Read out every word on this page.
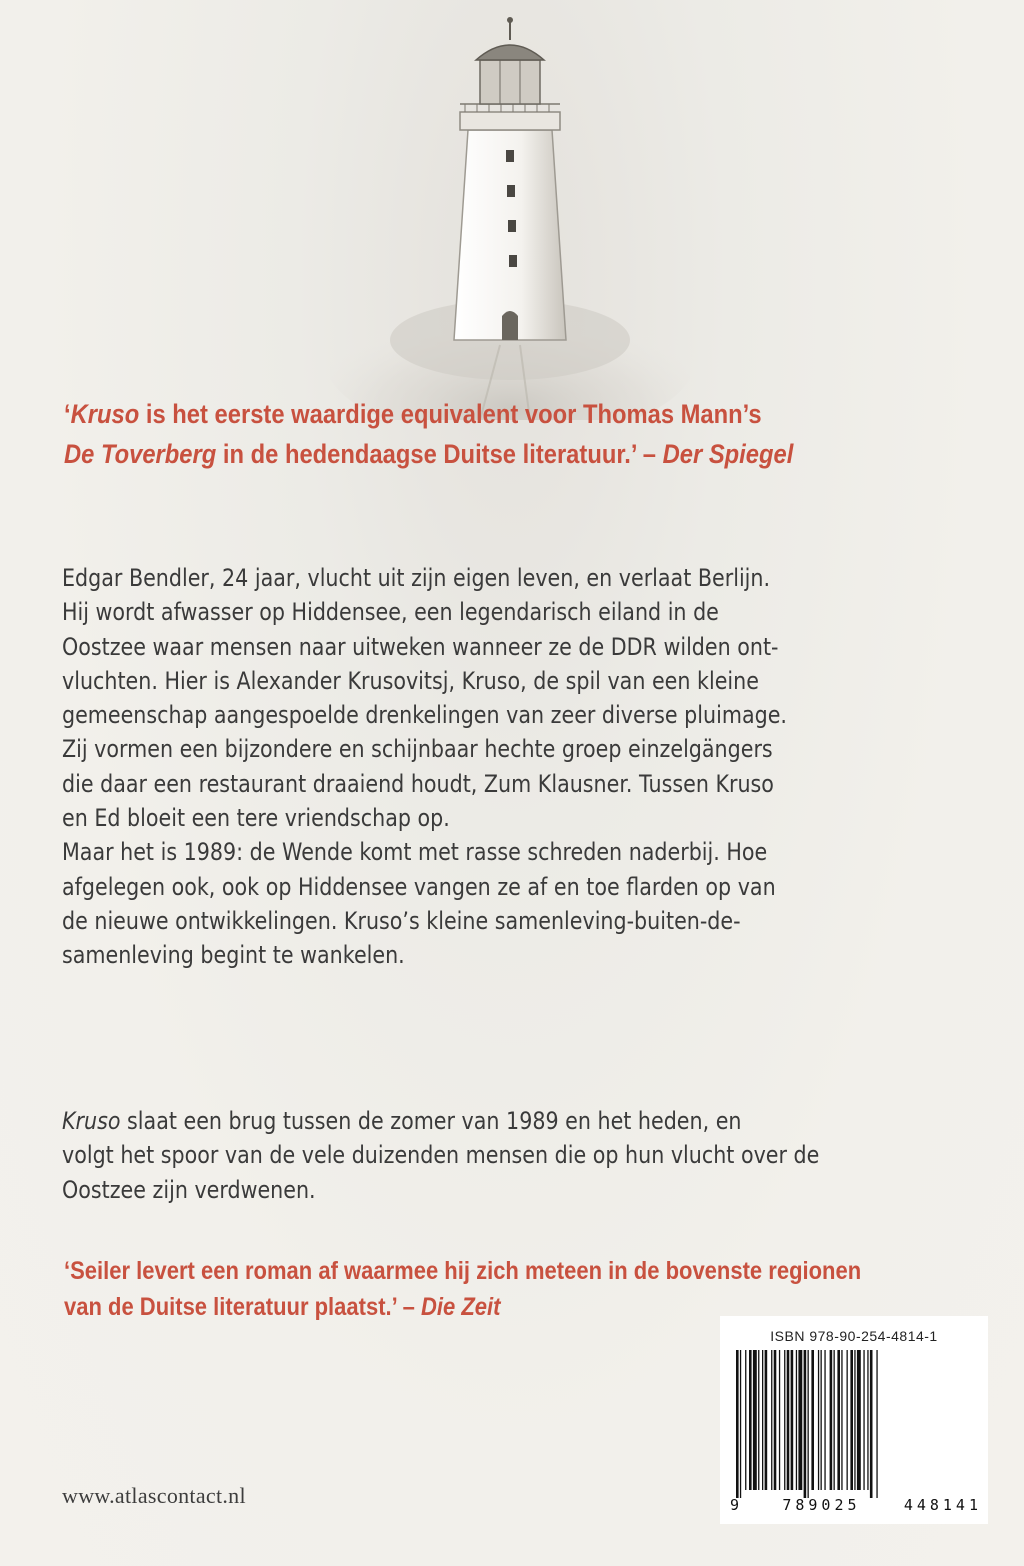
‘Kruso is het eerste waardige equivalent voor Thomas Mann’s
De Toverberg in de hedendaagse Duitse literatuur.’ – Der Spiegel

Edgar Bendler, 24 jaar, vlucht uit zijn eigen leven, en verlaat Berlijn.

Hij wordt afwasser op Hiddensee, een legendarisch eiland in de

Oostzee waar mensen naar uitweken wanneer ze de DDR wilden ont-

vluchten. Hier is Alexander Krusovitsj, Kruso, de spil van een kleine

gemeenschap aangespoelde drenkelingen van zeer diverse pluimage.

Zij vormen een bijzondere en schijnbaar hechte groep einzelgängers

die daar een restaurant draaiend houdt, Zum Klausner. Tussen Kruso

en Ed bloeit een tere vriendschap op.

Maar het is 1989: de Wende komt met rasse schreden naderbij. Hoe

afgelegen ook, ook op Hiddensee vangen ze af en toe flarden op van

de nieuwe ontwikkelingen. Kruso’s kleine samenleving-buiten-de-

samenleving begint te wankelen.

Kruso slaat een brug tussen de zomer van 1989 en het heden, en

volgt het spoor van de vele duizenden mensen die op hun vlucht over de

Oostzee zijn verdwenen.

‘Seiler levert een roman af waarmee hij zich meteen in de bovenste regionen
van de Duitse literatuur plaatst.’ – Die Zeit
www.atlascontact.nl
ISBN 978-90-254-4814-1
9	789025	448141
